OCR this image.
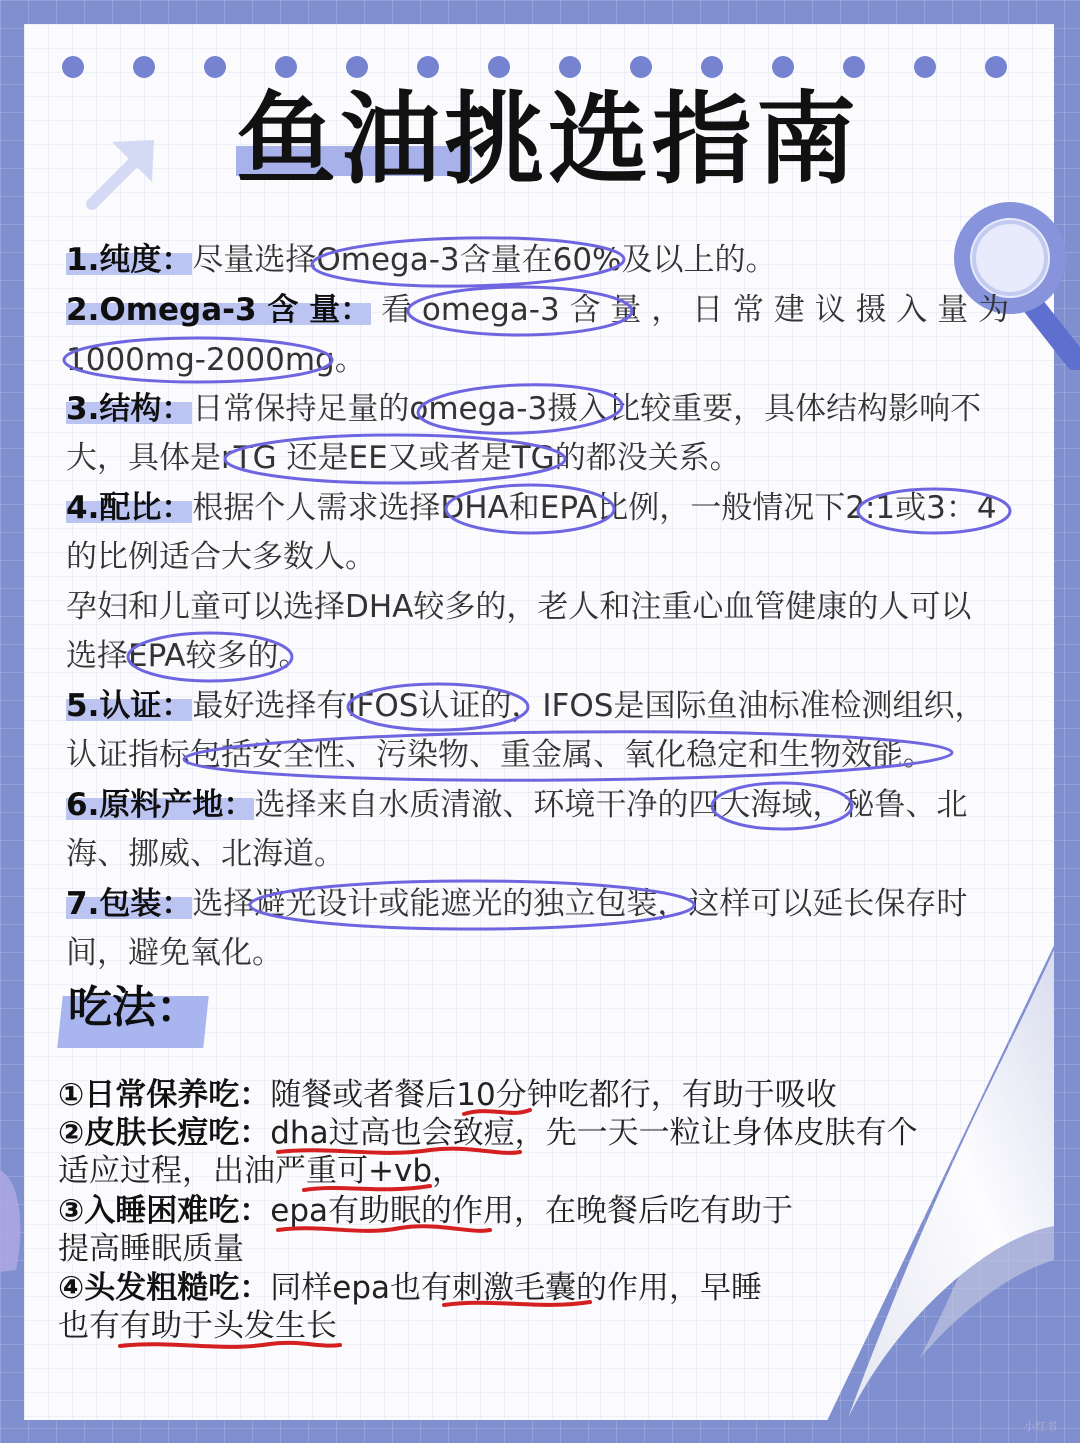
鱼油挑选指南

1.纯度：尽量选择Omega-3含量在60%及以上的。

2.Omega-3 含 量： 看 omega-3 含 量 ， 日 常 建 议 摄 入 量 为

1000mg-2000mg。

3.结构：日常保持足量的omega-3摄入比较重要，具体结构影响不

大，具体是rTG 还是EE又或者是TG的都没关系。

4.配比：根据个人需求选择DHA和EPA比例，一般情况下2:1或3：4

的比例适合大多数人。

孕妇和儿童可以选择DHA较多的，老人和注重心血管健康的人可以

选择EPA较多的。

5.认证：最好选择有IFOS认证的，IFOS是国际鱼油标准检测组织，

认证指标包括安全性、污染物、重金属、氧化稳定和生物效能。

6.原料产地：选择来自水质清澈、环境干净的四大海域，秘鲁、北

海、挪威、北海道。

7.包装：选择避光设计或能遮光的独立包装，这样可以延长保存时

间，避免氧化。

吃法：

①日常保养吃：随餐或者餐后10分钟吃都行，有助于吸收

②皮肤长痘吃：dha过高也会致痘，先一天一粒让身体皮肤有个

适应过程，出油严重可+vb，

③入睡困难吃：epa有助眠的作用，在晚餐后吃有助于

提高睡眠质量

④头发粗糙吃：同样epa也有刺激毛囊的作用，早睡

也有有助于头发生长

小红书
